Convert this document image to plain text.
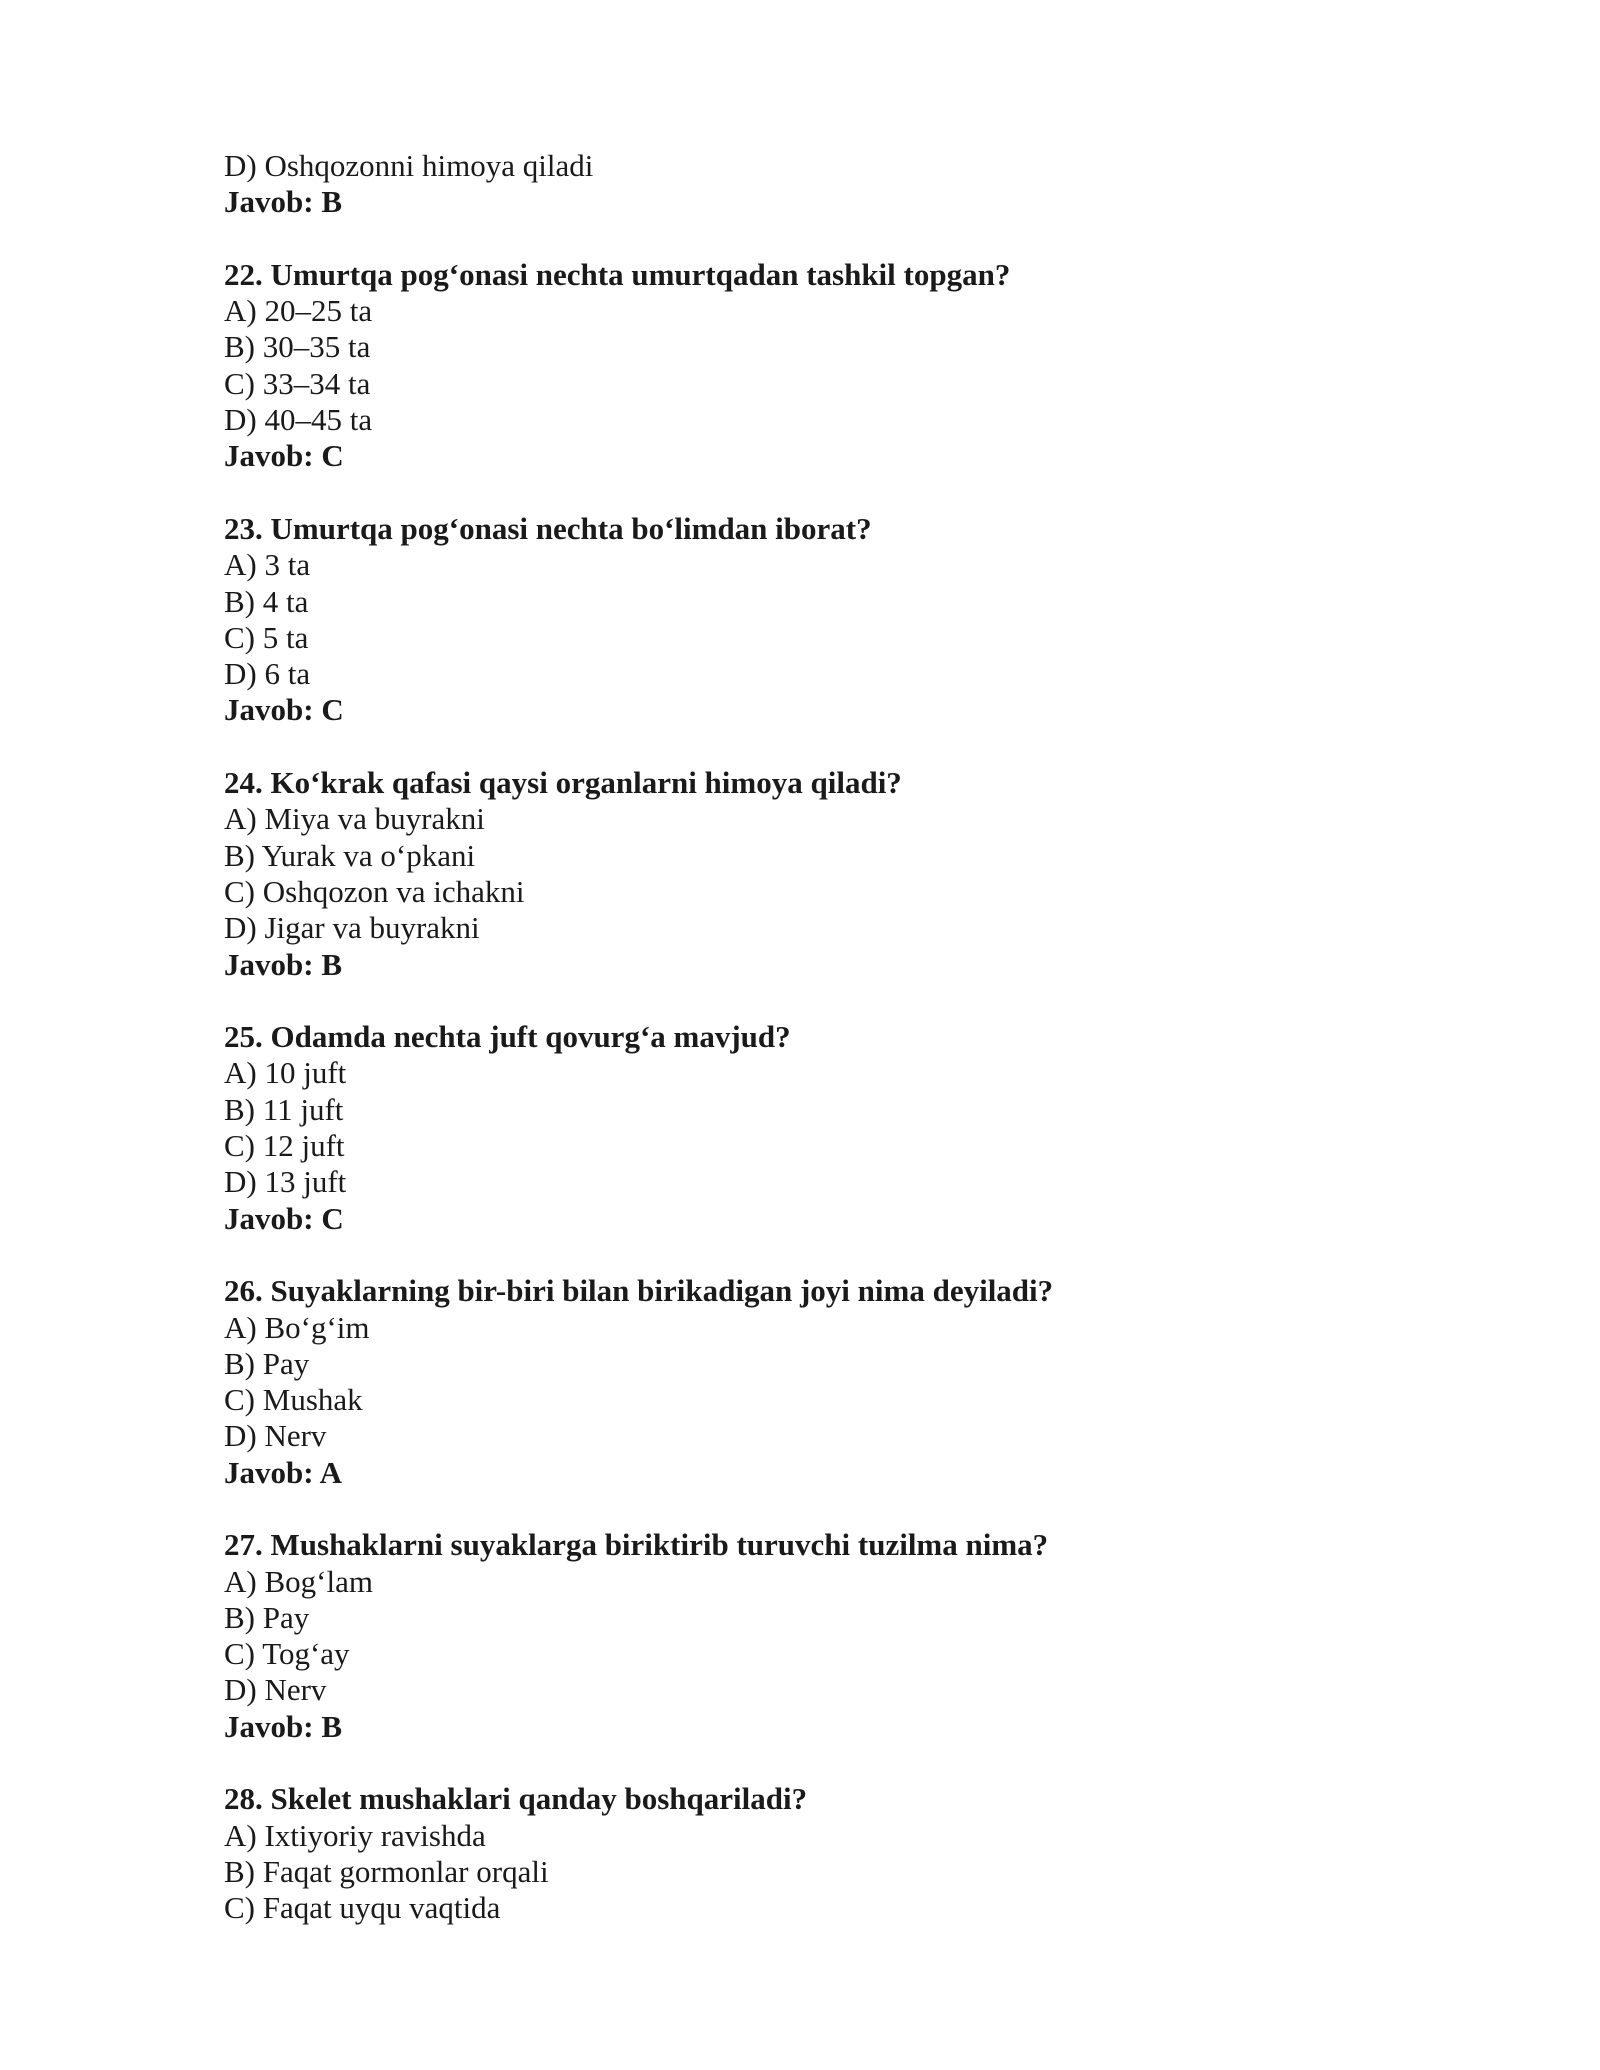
D) Oshqozonni himoya qiladi
Javob: B
22. Umurtqa pog‘onasi nechta umurtqadan tashkil topgan?
A) 20–25 ta
B) 30–35 ta
C) 33–34 ta
D) 40–45 ta
Javob: C
23. Umurtqa pog‘onasi nechta bo‘limdan iborat?
A) 3 ta
B) 4 ta
C) 5 ta
D) 6 ta
Javob: C
24. Ko‘krak qafasi qaysi organlarni himoya qiladi?
A) Miya va buyrakni
B) Yurak va o‘pkani
C) Oshqozon va ichakni
D) Jigar va buyrakni
Javob: B
25. Odamda nechta juft qovurg‘a mavjud?
A) 10 juft
B) 11 juft
C) 12 juft
D) 13 juft
Javob: C
26. Suyaklarning bir-biri bilan birikadigan joyi nima deyiladi?
A) Bo‘g‘im
B) Pay
C) Mushak
D) Nerv
Javob: A
27. Mushaklarni suyaklarga biriktirib turuvchi tuzilma nima?
A) Bog‘lam
B) Pay
C) Tog‘ay
D) Nerv
Javob: B
28. Skelet mushaklari qanday boshqariladi?
A) Ixtiyoriy ravishda
B) Faqat gormonlar orqali
C) Faqat uyqu vaqtida
